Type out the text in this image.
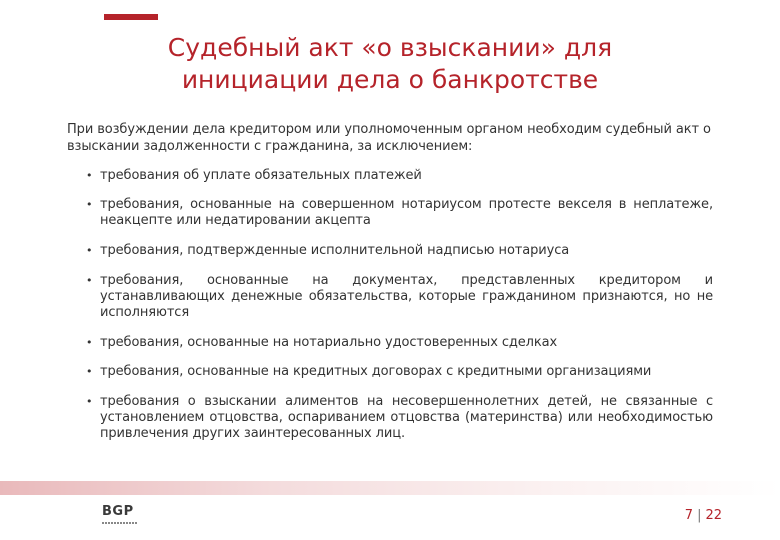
Судебный акт «о взыскании» для
инициации дела о банкротстве
При возбуждении дела кредитором или уполномоченным органом необходим судебный акт о взыскании задолженности с гражданина, за исключением:
• требования об уплате обязательных платежей
• требования, основанные на совершенном нотариусом протесте векселя в неплатеже, неакцепте или недатировании акцепта
• требования, подтвержденные исполнительной надписью нотариуса
• требования, основанные на документах, представленных кредитором и устанавливающих денежные обязательства, которые гражданином признаются, но не исполняются
• требования, основанные на нотариально удостоверенных сделках
• требования, основанные на кредитных договорах с кредитными организациями
• требования о взыскании алиментов на несовершеннолетних детей, не связанные с установлением отцовства, оспариванием отцовства (материнства) или необходимостью привлечения других заинтересованных лиц.
BGP	7 | 22
